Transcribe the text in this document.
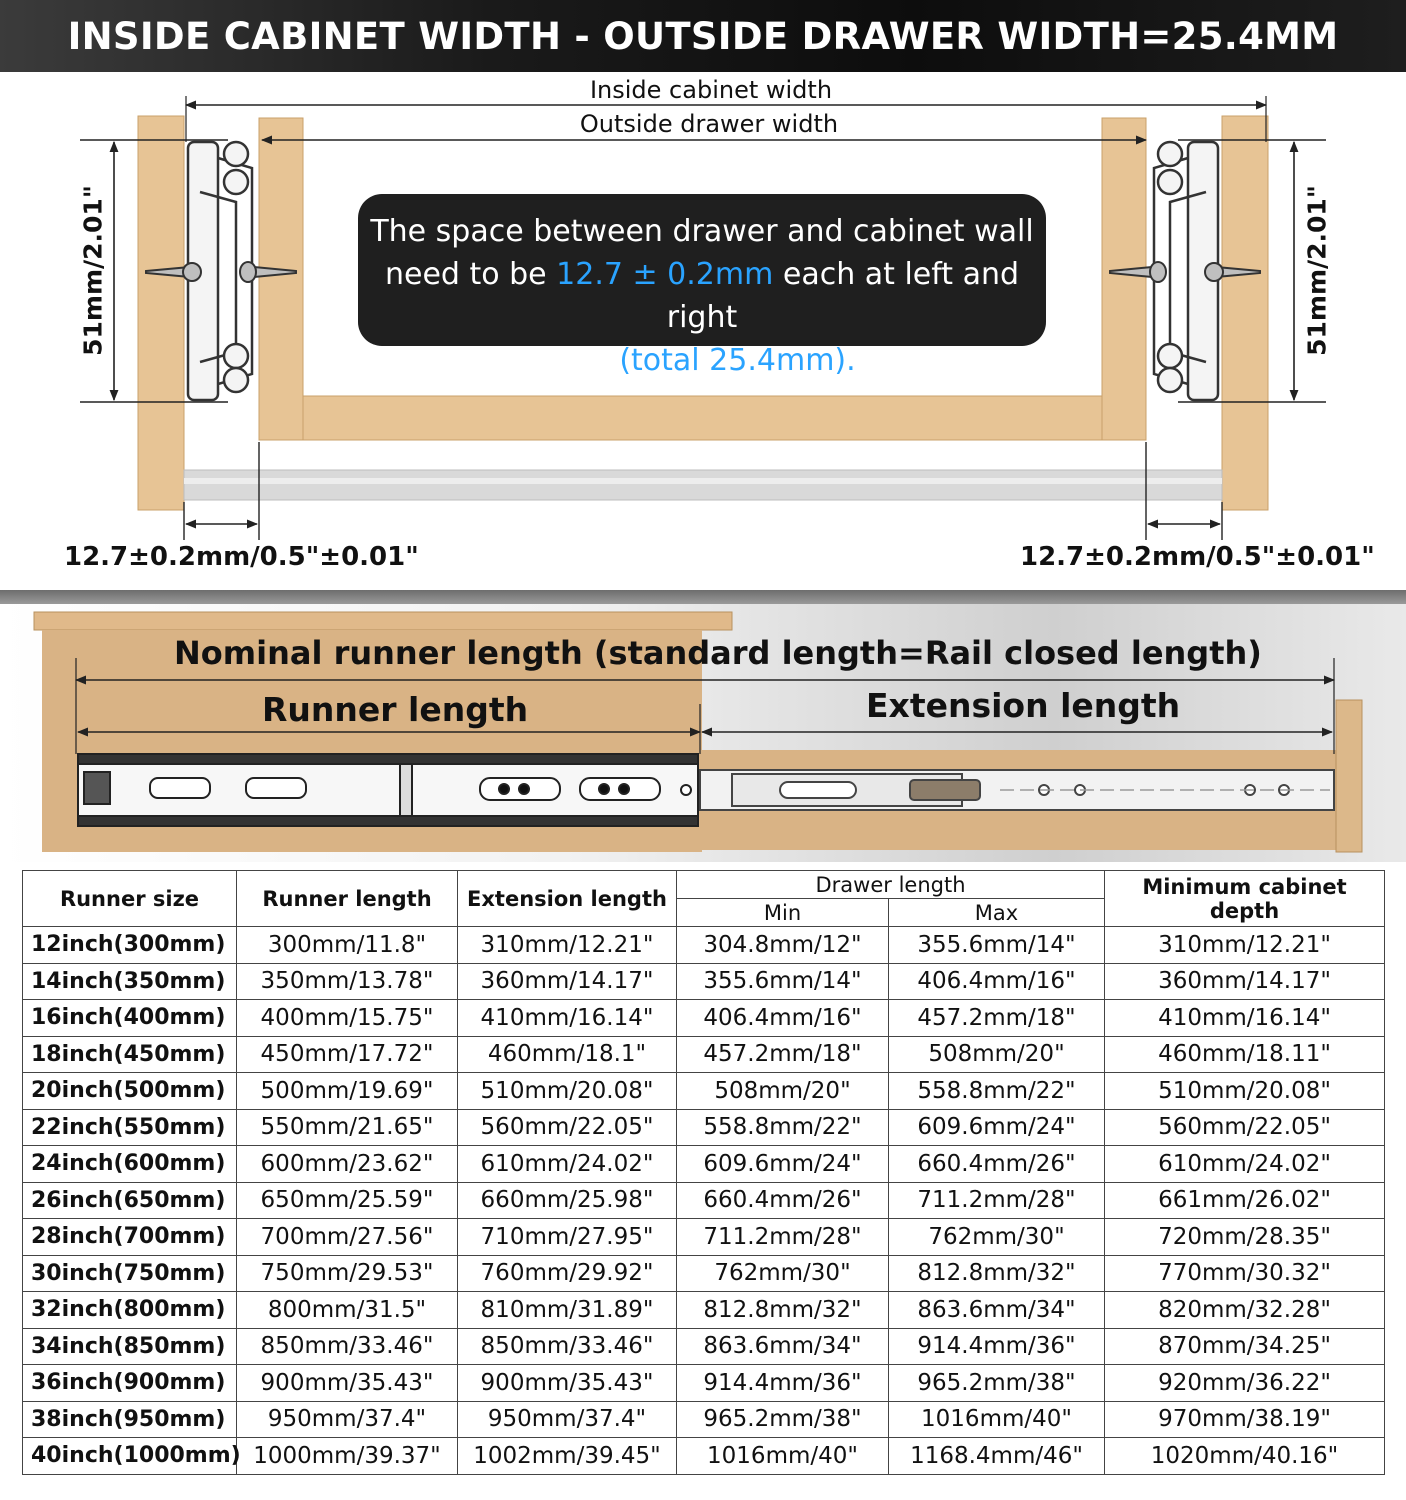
INSIDE CABINET WIDTH - OUTSIDE DRAWER WIDTH=25.4MM
Inside cabinet width
Outside drawer width
51mm/2.01"	51mm/2.01"
12.7±0.2mm/0.5"±0.01"	12.7±0.2mm/0.5"±0.01"
The space between drawer and cabinet wall
need to be 12.7 ± 0.2mm each at left and right
side (total 25.4mm).
Nominal runner length (standard length=Rail closed length)
Runner length	Extension length
Runner size	Runner length	Extension length	Drawer length		Minimum cabinet depth
			Min	Max	
12inch(300mm)	300mm/11.8"	310mm/12.21"	304.8mm/12"	355.6mm/14"	310mm/12.21"
14inch(350mm)	350mm/13.78"	360mm/14.17"	355.6mm/14"	406.4mm/16"	360mm/14.17"
16inch(400mm)	400mm/15.75"	410mm/16.14"	406.4mm/16"	457.2mm/18"	410mm/16.14"
18inch(450mm)	450mm/17.72"	460mm/18.1"	457.2mm/18"	508mm/20"	460mm/18.11"
20inch(500mm)	500mm/19.69"	510mm/20.08"	508mm/20"	558.8mm/22"	510mm/20.08"
22inch(550mm)	550mm/21.65"	560mm/22.05"	558.8mm/22"	609.6mm/24"	560mm/22.05"
24inch(600mm)	600mm/23.62"	610mm/24.02"	609.6mm/24"	660.4mm/26"	610mm/24.02"
26inch(650mm)	650mm/25.59"	660mm/25.98"	660.4mm/26"	711.2mm/28"	661mm/26.02"
28inch(700mm)	700mm/27.56"	710mm/27.95"	711.2mm/28"	762mm/30"	720mm/28.35"
30inch(750mm)	750mm/29.53"	760mm/29.92"	762mm/30"	812.8mm/32"	770mm/30.32"
32inch(800mm)	800mm/31.5"	810mm/31.89"	812.8mm/32"	863.6mm/34"	820mm/32.28"
34inch(850mm)	850mm/33.46"	850mm/33.46"	863.6mm/34"	914.4mm/36"	870mm/34.25"
36inch(900mm)	900mm/35.43"	900mm/35.43"	914.4mm/36"	965.2mm/38"	920mm/36.22"
38inch(950mm)	950mm/37.4"	950mm/37.4"	965.2mm/38"	1016mm/40"	970mm/38.19"
40inch(1000mm)	1000mm/39.37"	1002mm/39.45"	1016mm/40"	1168.4mm/46"	1020mm/40.16"
